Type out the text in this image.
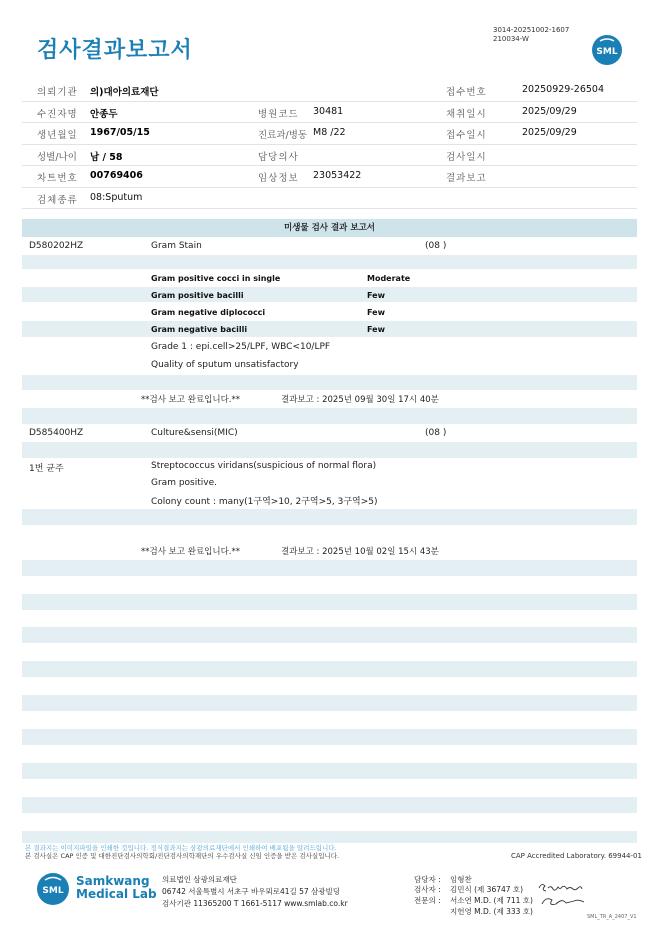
검사결과보고서
3014-20251002-1607
210034-W
SML
의뢰기관 의)대아의료재단	접수번호	20250929-26504
수진자명 안종두	병원코드 30481	채취일시	2025/09/29
생년월일 1967/05/15	진료과/병동 M8 /22	접수일시	2025/09/29
성별/나이 남 / 58	담당의사	검사일시
차트번호 00769406	임상정보 23053422	결과보고
검체종류 08:Sputum
미생물 검사 결과 보고서
D580202HZ	Gram Stain	(08 )
Gram positive cocci in single	Moderate
Gram positive bacilli	Few
Gram negative diplococci	Few
Gram negative bacilli	Few
Grade 1 : epi.cell>25/LPF, WBC<10/LPF
Quality of sputum unsatisfactory
**검사 보고 완료입니다.**	결과보고 : 2025년 09월 30일 17시 40분
D585400HZ	Culture&sensi(MIC)	(08 )
1번 균주	Streptococcus viridans(suspicious of normal flora)
Gram positive.
Colony count : many(1구역>10, 2구역>5, 3구역>5)
**검사 보고 완료입니다.**	결과보고 : 2025년 10월 02일 15시 43분
본 결과지는 이미지파일을 인쇄한 것입니다. 정식결과지는 삼광의료재단에서 인쇄하여 배포됨을 알려드립니다.
본 검사실은 CAP 인증 및 대한진단검사의학회/진단검사의학재단의 우수검사실 신임 인증을 받은 검사실입니다.	CAP Accredited Laboratory. 69944-01
SML
Samkwang
Medical Lab
의료법인 삼광의료재단
06742 서울특별시 서초구 바우뫼로41길 57 삼광빌딩
검사기관 11365200 T 1661-5117 www.smlab.co.kr
담당자 : 임형찬
검사자 : 김민식 (제 36747 호)
전문의 : 서소연 M.D. (제 711 호)
지헌영 M.D. (제 333 호)
SML_TR_A_2407_V1
